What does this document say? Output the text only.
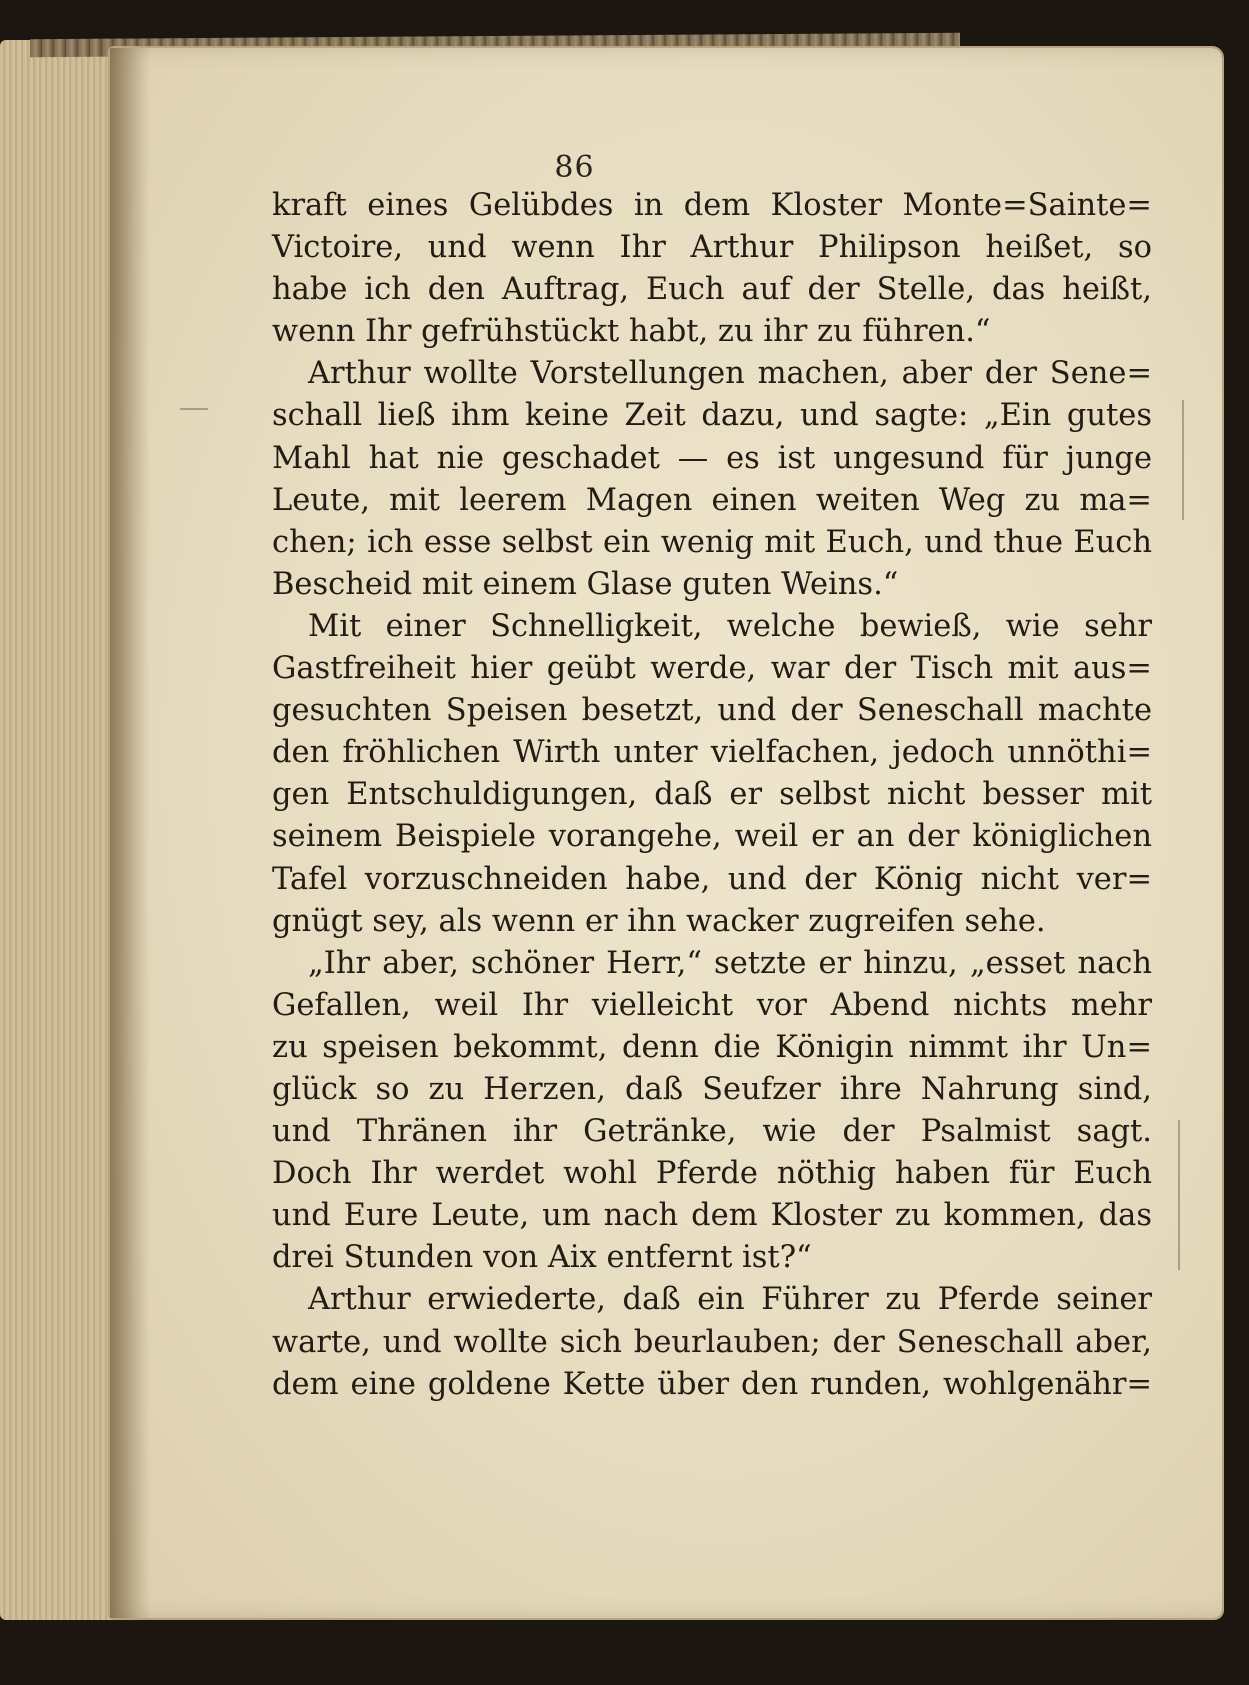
86
kraft eines Gelübdes in dem Kloster Monte=Sainte=
Victoire, und wenn Ihr Arthur Philipson heißet, so
habe ich den Auftrag, Euch auf der Stelle, das heißt,
wenn Ihr gefrühstückt habt, zu ihr zu führen.“
Arthur wollte Vorstellungen machen, aber der Sene=
schall ließ ihm keine Zeit dazu, und sagte: „Ein gutes
Mahl hat nie geschadet — es ist ungesund für junge
Leute, mit leerem Magen einen weiten Weg zu ma=
chen; ich esse selbst ein wenig mit Euch, und thue Euch
Bescheid mit einem Glase guten Weins.“
Mit einer Schnelligkeit, welche bewieß, wie sehr
Gastfreiheit hier geübt werde, war der Tisch mit aus=
gesuchten Speisen besetzt, und der Seneschall machte
den fröhlichen Wirth unter vielfachen, jedoch unnöthi=
gen Entschuldigungen, daß er selbst nicht besser mit
seinem Beispiele vorangehe, weil er an der königlichen
Tafel vorzuschneiden habe, und der König nicht ver=
gnügt sey, als wenn er ihn wacker zugreifen sehe.
„Ihr aber, schöner Herr,“ setzte er hinzu, „esset nach
Gefallen, weil Ihr vielleicht vor Abend nichts mehr
zu speisen bekommt, denn die Königin nimmt ihr Un=
glück so zu Herzen, daß Seufzer ihre Nahrung sind,
und Thränen ihr Getränke, wie der Psalmist sagt.
Doch Ihr werdet wohl Pferde nöthig haben für Euch
und Eure Leute, um nach dem Kloster zu kommen, das
drei Stunden von Aix entfernt ist?“
Arthur erwiederte, daß ein Führer zu Pferde seiner
warte, und wollte sich beurlauben; der Seneschall aber,
dem eine goldene Kette über den runden, wohlgenähr=
